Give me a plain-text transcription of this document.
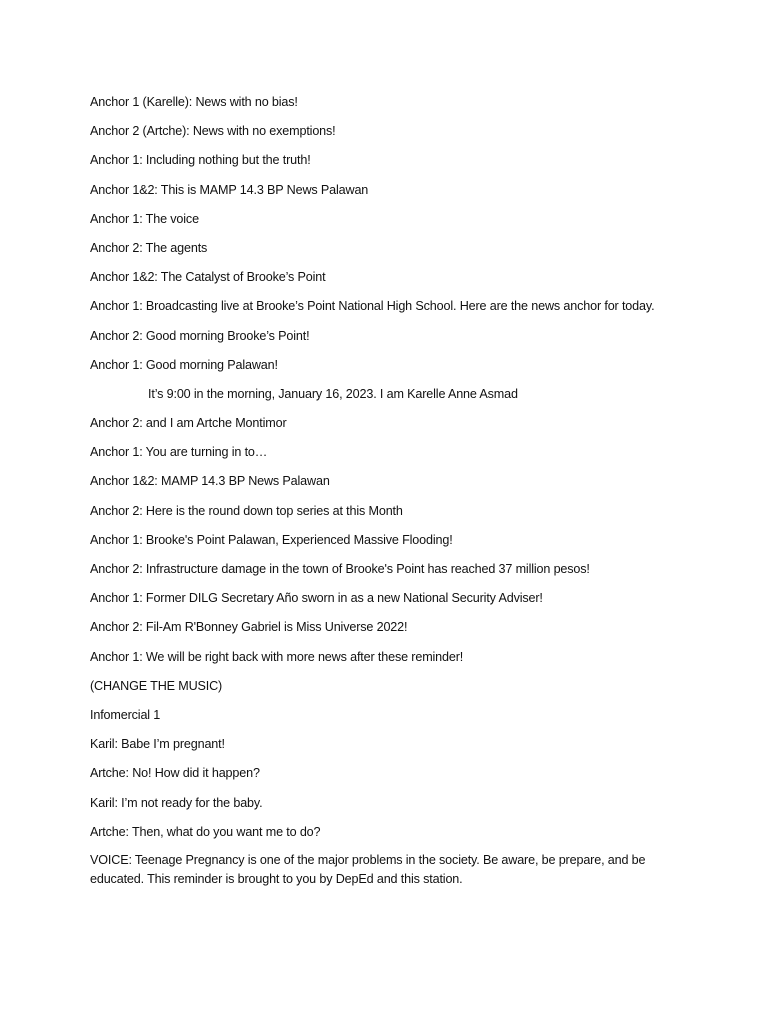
Anchor 1 (Karelle): News with no bias!
Anchor 2 (Artche): News with no exemptions!
Anchor 1: Including nothing but the truth!
Anchor 1&2: This is MAMP 14.3 BP News Palawan
Anchor 1: The voice
Anchor 2: The agents
Anchor 1&2: The Catalyst of Brooke’s Point
Anchor 1: Broadcasting live at Brooke’s Point National High School. Here are the news anchor for today.
Anchor 2: Good morning Brooke’s Point!
Anchor 1: Good morning Palawan!
It’s 9:00 in the morning, January 16, 2023. I am Karelle Anne Asmad
Anchor 2: and I am Artche Montimor
Anchor 1: You are turning in to…
Anchor 1&2: MAMP 14.3 BP News Palawan
Anchor 2: Here is the round down top series at this Month
Anchor 1: Brooke's Point Palawan, Experienced Massive Flooding!
Anchor 2: Infrastructure damage in the town of Brooke's Point has reached 37 million pesos!
Anchor 1: Former DILG Secretary Año sworn in as a new National Security Adviser!
Anchor 2: Fil-Am R'Bonney Gabriel is Miss Universe 2022!
Anchor 1: We will be right back with more news after these reminder!
(CHANGE THE MUSIC)
Infomercial 1
Karil: Babe I’m pregnant!
Artche: No! How did it happen?
Karil: I’m not ready for the baby.
Artche: Then, what do you want me to do?
VOICE: Teenage Pregnancy is one of the major problems in the society. Be aware, be prepare, and be educated. This reminder is brought to you by DepEd and this station.
